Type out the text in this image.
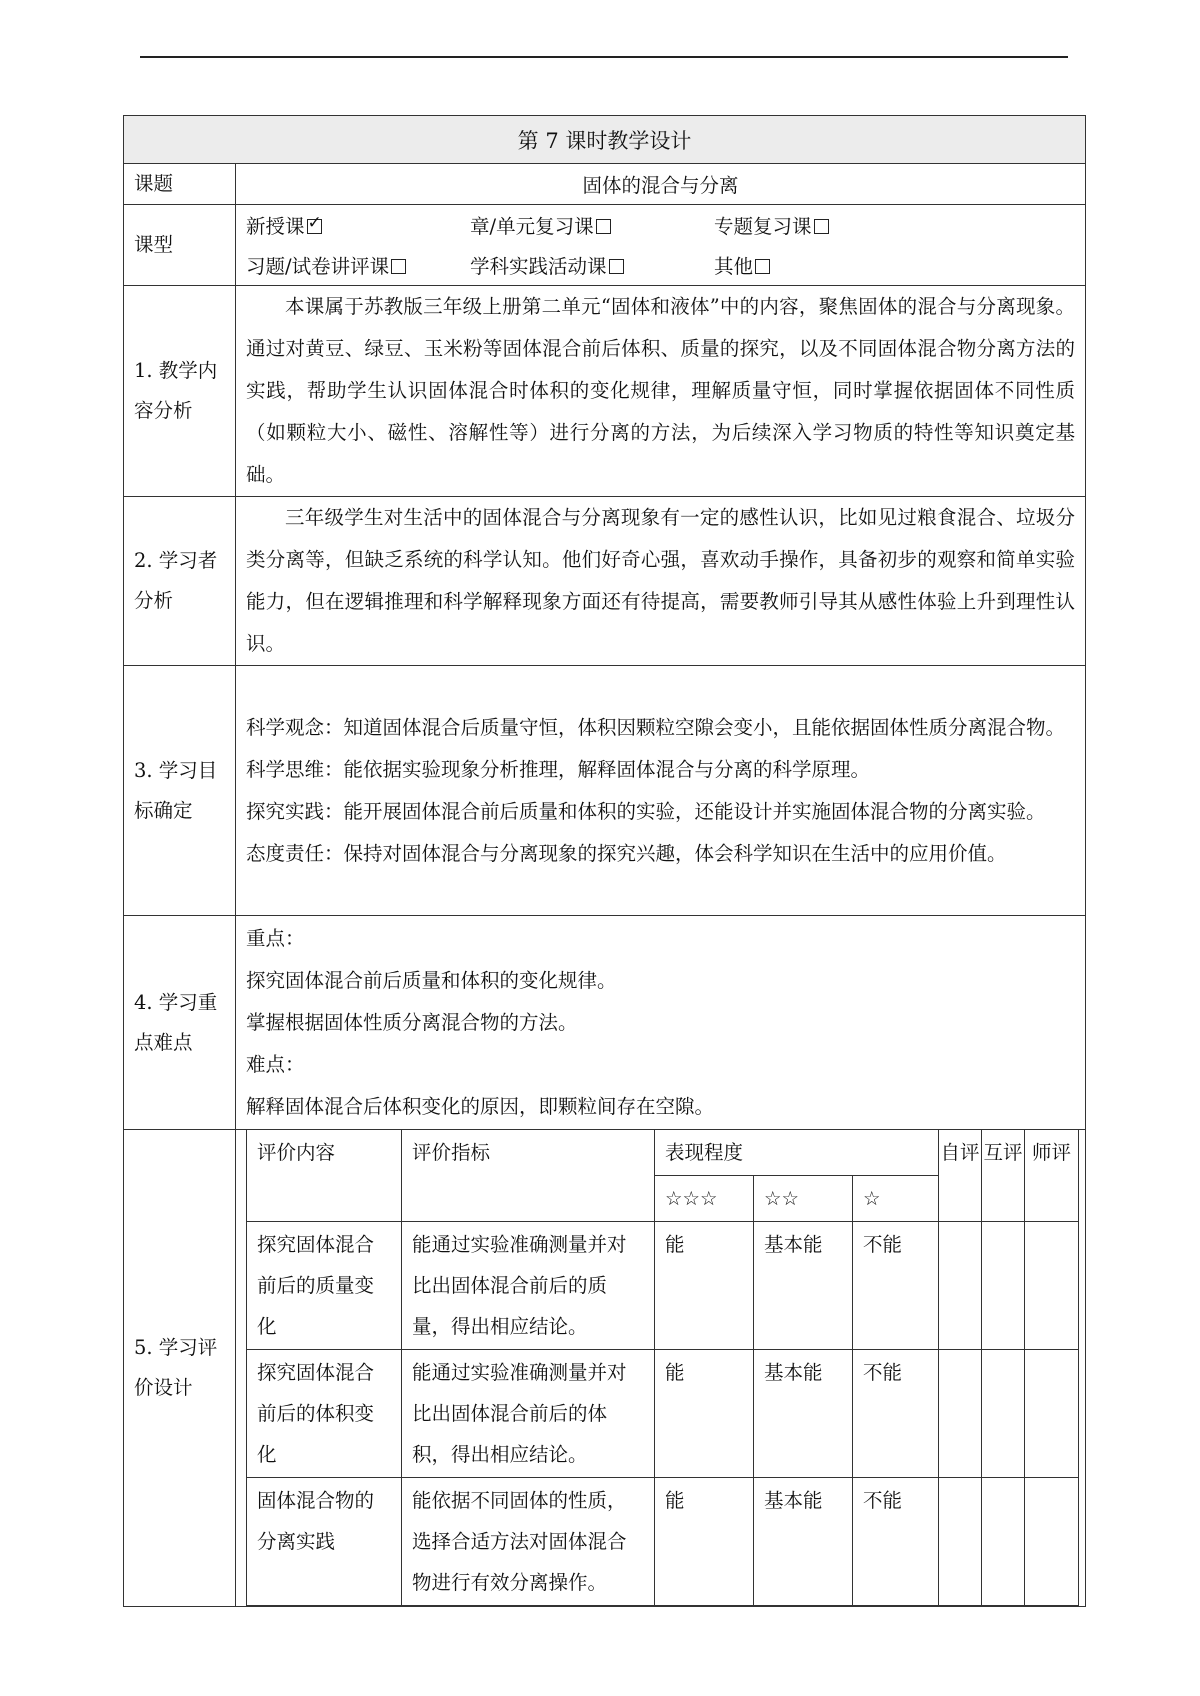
第 7 课时教学设计
课题	固体的混合与分离
课型	
新授课✓	章/单元复习课	专题复习课
习题/试卷讲评课	学科实践活动课	其他

1. 教学内容分析	

本课属于苏教版三年级上册第二单元“固体和液体”中的内容，聚焦固体的混合与分离现象。通过对黄豆、绿豆、玉米粉等固体混合前后体积、质量的探究，以及不同固体混合物分离方法的实践，帮助学生认识固体混合时体积的变化规律，理解质量守恒，同时掌握依据固体不同性质（如颗粒大小、磁性、溶解性等）进行分离的方法，为后续深入学习物质的特性等知识奠定基础。

2. 学习者分析	

三年级学生对生活中的固体混合与分离现象有一定的感性认识，比如见过粮食混合、垃圾分类分离等，但缺乏系统的科学认知。他们好奇心强，喜欢动手操作，具备初步的观察和简单实验能力，但在逻辑推理和科学解释现象方面还有待提高，需要教师引导其从感性体验上升到理性认识。

3. 学习目标确定	

科学观念：知道固体混合后质量守恒，体积因颗粒空隙会变小，且能依据固体性质分离混合物。

科学思维：能依据实验现象分析推理，解释固体混合与分离的科学原理。

探究实践：能开展固体混合前后质量和体积的实验，还能设计并实施固体混合物的分离实验。

态度责任：保持对固体混合与分离现象的探究兴趣，体会科学知识在生活中的应用价值。

4. 学习重点难点	

重点：

探究固体混合前后质量和体积的变化规律。

掌握根据固体性质分离混合物的方法。

难点：

解释固体混合后体积变化的原因，即颗粒间存在空隙。

5. 学习评价设计	
评价内容	评价指标	表现程度	自评	互评	师评
☆☆☆	☆☆	☆
探究固体混合前后的质量变化	能通过实验准确测量并对比出固体混合前后的质量，得出相应结论。	能	基本能	不能			
探究固体混合前后的体积变化	能通过实验准确测量并对比出固体混合前后的体积，得出相应结论。	能	基本能	不能			
固体混合物的分离实践	能依据不同固体的性质，选择合适方法对固体混合物进行有效分离操作。	能	基本能	不能			
